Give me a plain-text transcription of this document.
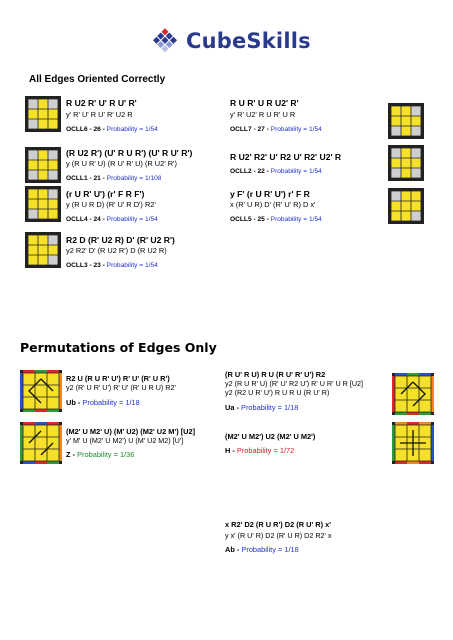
CubeSkills
All Edges Oriented Correctly
R U2 R' U' R U' R'
y' R' U' R U' R' U2 R
OCLL6 - 26 - Probability = 1/54
(R U2 R') (U' R U R') (U' R U' R')
y (R U R' U) (R U' R' U) (R U2' R')
OCLL1 - 21 - Probability = 1/108
(r U R' U') (r' F R F')
y (R U R D) (R' U' R D') R2'
OCLL4 - 24 - Probability = 1/54
R2 D (R' U2 R) D' (R' U2 R')
y2 R2' D' (R U2 R') D (R U2 R)
OCLL3 - 23 - Probability = 1/54
R U R' U R U2' R'
y' R' U2' R U R' U R
OCLL7 - 27 - Probability = 1/54
R U2' R2' U' R2 U' R2' U2' R
OCLL2 - 22 - Probability = 1/54
y F' (r U R' U') r' F R
x (R' U R) D' (R' U' R) D x'
OCLL5 - 25 - Probability = 1/54
Permutations of Edges Only
R2 U (R U R' U') R' U' (R' U R')
y2 (R' U R' U') R' U' (R' U R U) R2'
Ub - Probability = 1/18
(M2' U M2' U) (M' U2) (M2' U2 M') [U2]
y' M' U (M2' U M2') U (M' U2 M2) [U']
Z - Probability = 1/36
(R U' R U) R U (R U' R' U') R2
y2 (R U R' U) (R' U' R2 U') R' U R' U R [U2]
y2 (R2 U R' U') R U R U (R U' R)
Ua - Probability = 1/18
(M2' U M2') U2 (M2' U M2')
H - Probability = 1/72
x R2' D2 (R U R') D2 (R U' R) x'
y x' (R U' R) D2 (R' U R) D2 R2' x
Ab - Probability = 1/18
